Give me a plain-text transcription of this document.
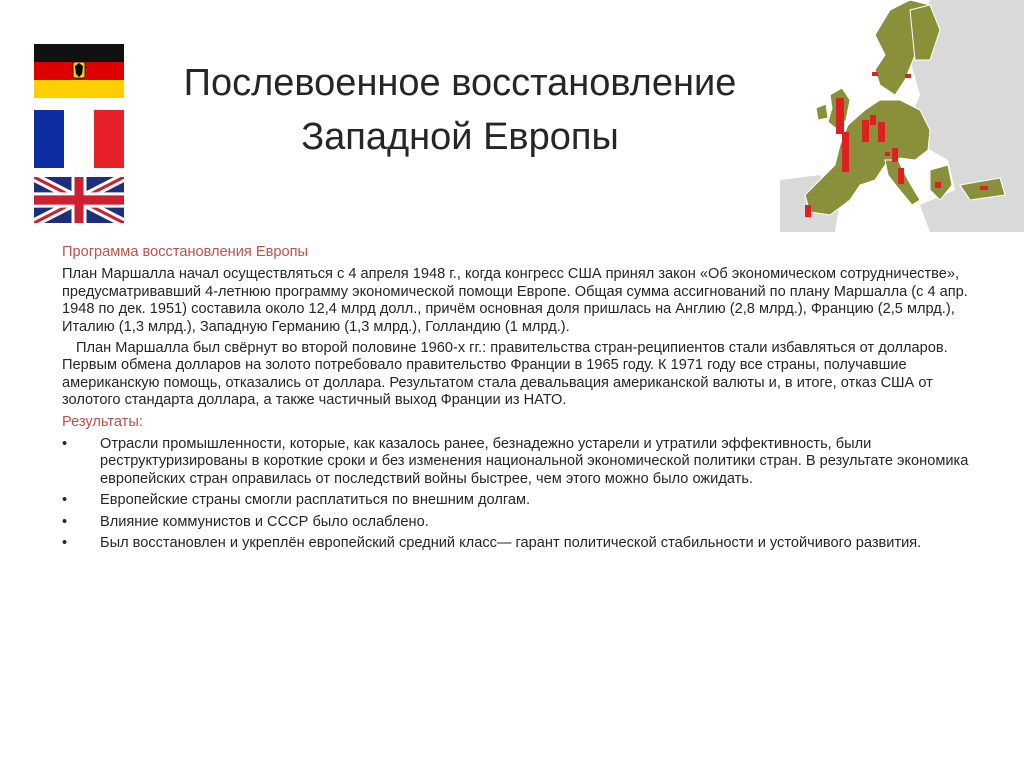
Послевоенное восстановление
Западной Европы

Программа восстановления Европы

План Маршалла начал осуществляться с 4 апреля 1948 г., когда конгресс США принял закон «Об экономическом сотрудничестве», предусматривавший 4-летнюю программу экономической помощи Европе. Общая сумма ассигнований по плану Маршалла (с 4 апр. 1948 по дек. 1951) составила около 12,4 млрд долл., причём основная доля пришлась на Англию (2,8 млрд.), Францию (2,5 млрд.), Италию (1,3 млрд.), Западную Германию (1,3 млрд.), Голландию (1 млрд.).

План Маршалла был свёрнут во второй половине 1960-х гг.: правительства стран-реципиентов стали избавляться от долларов. Первым обмена долларов на золото потребовало правительство Франции в 1965 году. К 1971 году все страны, получавшие американскую помощь, отказались от доллара. Результатом стала девальвация американской валюты и, в итоге, отказ США от золотого стандарта доллара, а также частичный выход Франции из НАТО.

Результаты:

• Отрасли промышленности, которые, как казалось ранее, безнадежно устарели и утратили эффективность, были реструктуризированы в короткие сроки и без изменения национальной экономической политики стран. В результате экономика европейских стран оправилась от последствий войны быстрее, чем этого можно было ожидать.
• Европейские страны смогли расплатиться по внешним долгам.
• Влияние коммунистов и СССР было ослаблено.
• Был восстановлен и укреплён европейский средний класс— гарант политической стабильности и устойчивого развития.
